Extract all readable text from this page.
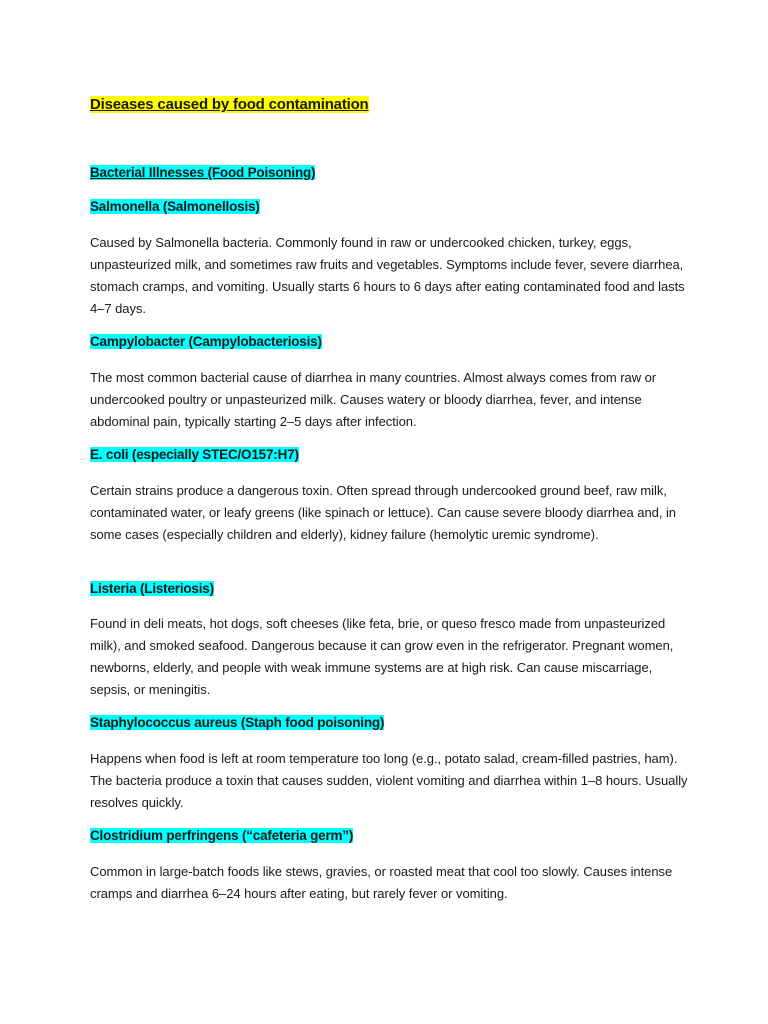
Diseases caused by food contamination
Bacterial Illnesses (Food Poisoning)
Salmonella (Salmonellosis)

Caused by Salmonella bacteria. Commonly found in raw or undercooked chicken, turkey, eggs, unpasteurized milk, and sometimes raw fruits and vegetables. Symptoms include fever, severe diarrhea, stomach cramps, and vomiting. Usually starts 6 hours to 6 days after eating contaminated food and lasts 4–7 days.

Campylobacter (Campylobacteriosis)

The most common bacterial cause of diarrhea in many countries. Almost always comes from raw or undercooked poultry or unpasteurized milk. Causes watery or bloody diarrhea, fever, and intense abdominal pain, typically starting 2–5 days after infection.

E. coli (especially STEC/O157:H7)

Certain strains produce a dangerous toxin. Often spread through undercooked ground beef, raw milk, contaminated water, or leafy greens (like spinach or lettuce). Can cause severe bloody diarrhea and, in some cases (especially children and elderly), kidney failure (hemolytic uremic syndrome).

Listeria (Listeriosis)

Found in deli meats, hot dogs, soft cheeses (like feta, brie, or queso fresco made from unpasteurized milk), and smoked seafood. Dangerous because it can grow even in the refrigerator. Pregnant women, newborns, elderly, and people with weak immune systems are at high risk. Can cause miscarriage, sepsis, or meningitis.

Staphylococcus aureus (Staph food poisoning)

Happens when food is left at room temperature too long (e.g., potato salad, cream-filled pastries, ham). The bacteria produce a toxin that causes sudden, violent vomiting and diarrhea within 1–8 hours. Usually resolves quickly.

Clostridium perfringens (“cafeteria germ”)

Common in large-batch foods like stews, gravies, or roasted meat that cool too slowly. Causes intense cramps and diarrhea 6–24 hours after eating, but rarely fever or vomiting.
